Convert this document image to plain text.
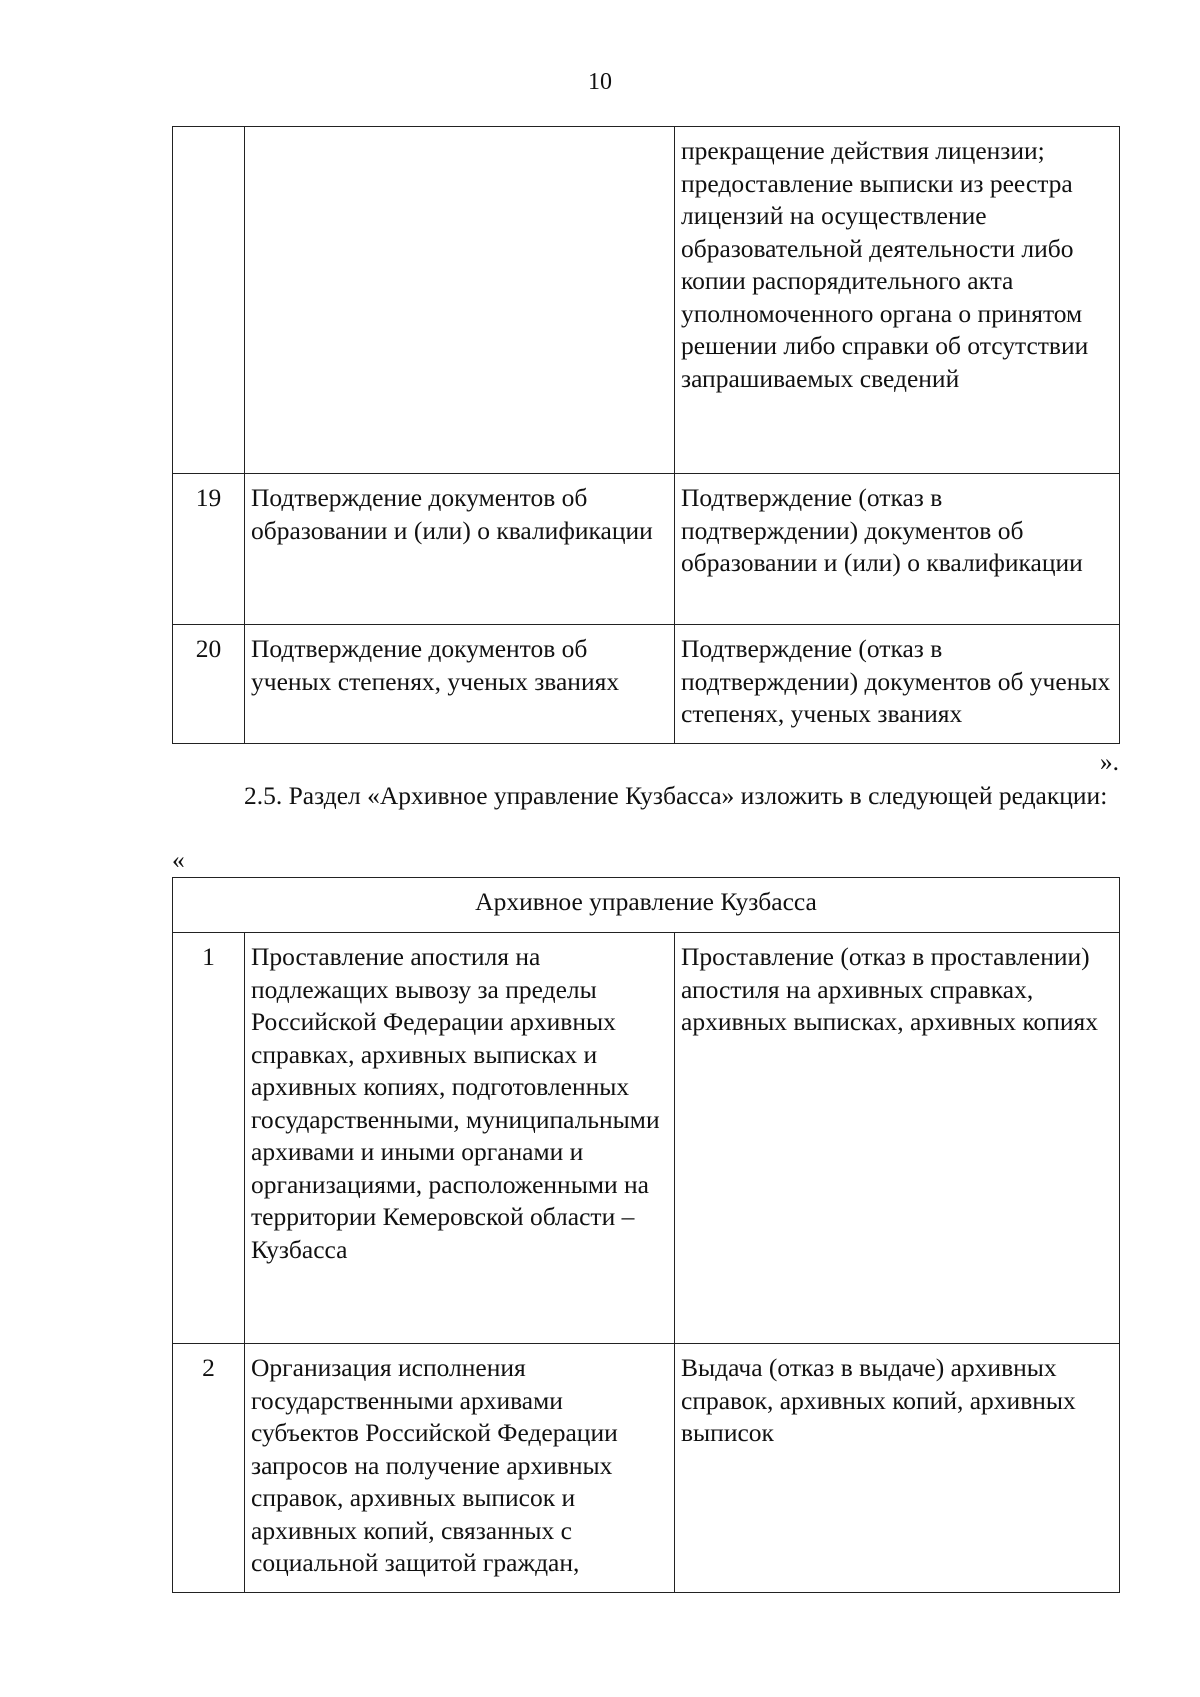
10
		прекращение действия лицензии; предоставление выписки из реестра лицензий на осуществление образовательной деятельности либо копии распорядительного акта уполномоченного органа о принятом решении либо справки об отсутствии запрашиваемых сведений
19	Подтверждение документов об образовании и (или) о квалификации	Подтверждение (отказ в подтверждении) документов об образовании и (или) о квалификации
20	Подтверждение документов об ученых степенях, ученых званиях	Подтверждение (отказ в подтверждении) документов об ученых степенях, ученых званиях
».

2.5. Раздел «Архивное управление Кузбасса» изложить в следующей редакции:

«
Архивное управление Кузбасса		
1	Проставление апостиля на подлежащих вывозу за пределы Российской Федерации архивных справках, архивных выписках и архивных копиях, подготовленных государственными, муниципальными архивами и иными органами и организациями, расположенными на территории Кемеровской области – Кузбасса	Проставление (отказ в проставлении) апостиля на архивных справках, архивных выписках, архивных копиях
2	Организация исполнения государственными архивами субъектов Российской Федерации запросов на получение архивных справок, архивных выписок и архивных копий, связанных с социальной защитой граждан,	Выдача (отказ в выдаче) архивных справок, архивных копий, архивных выписок
